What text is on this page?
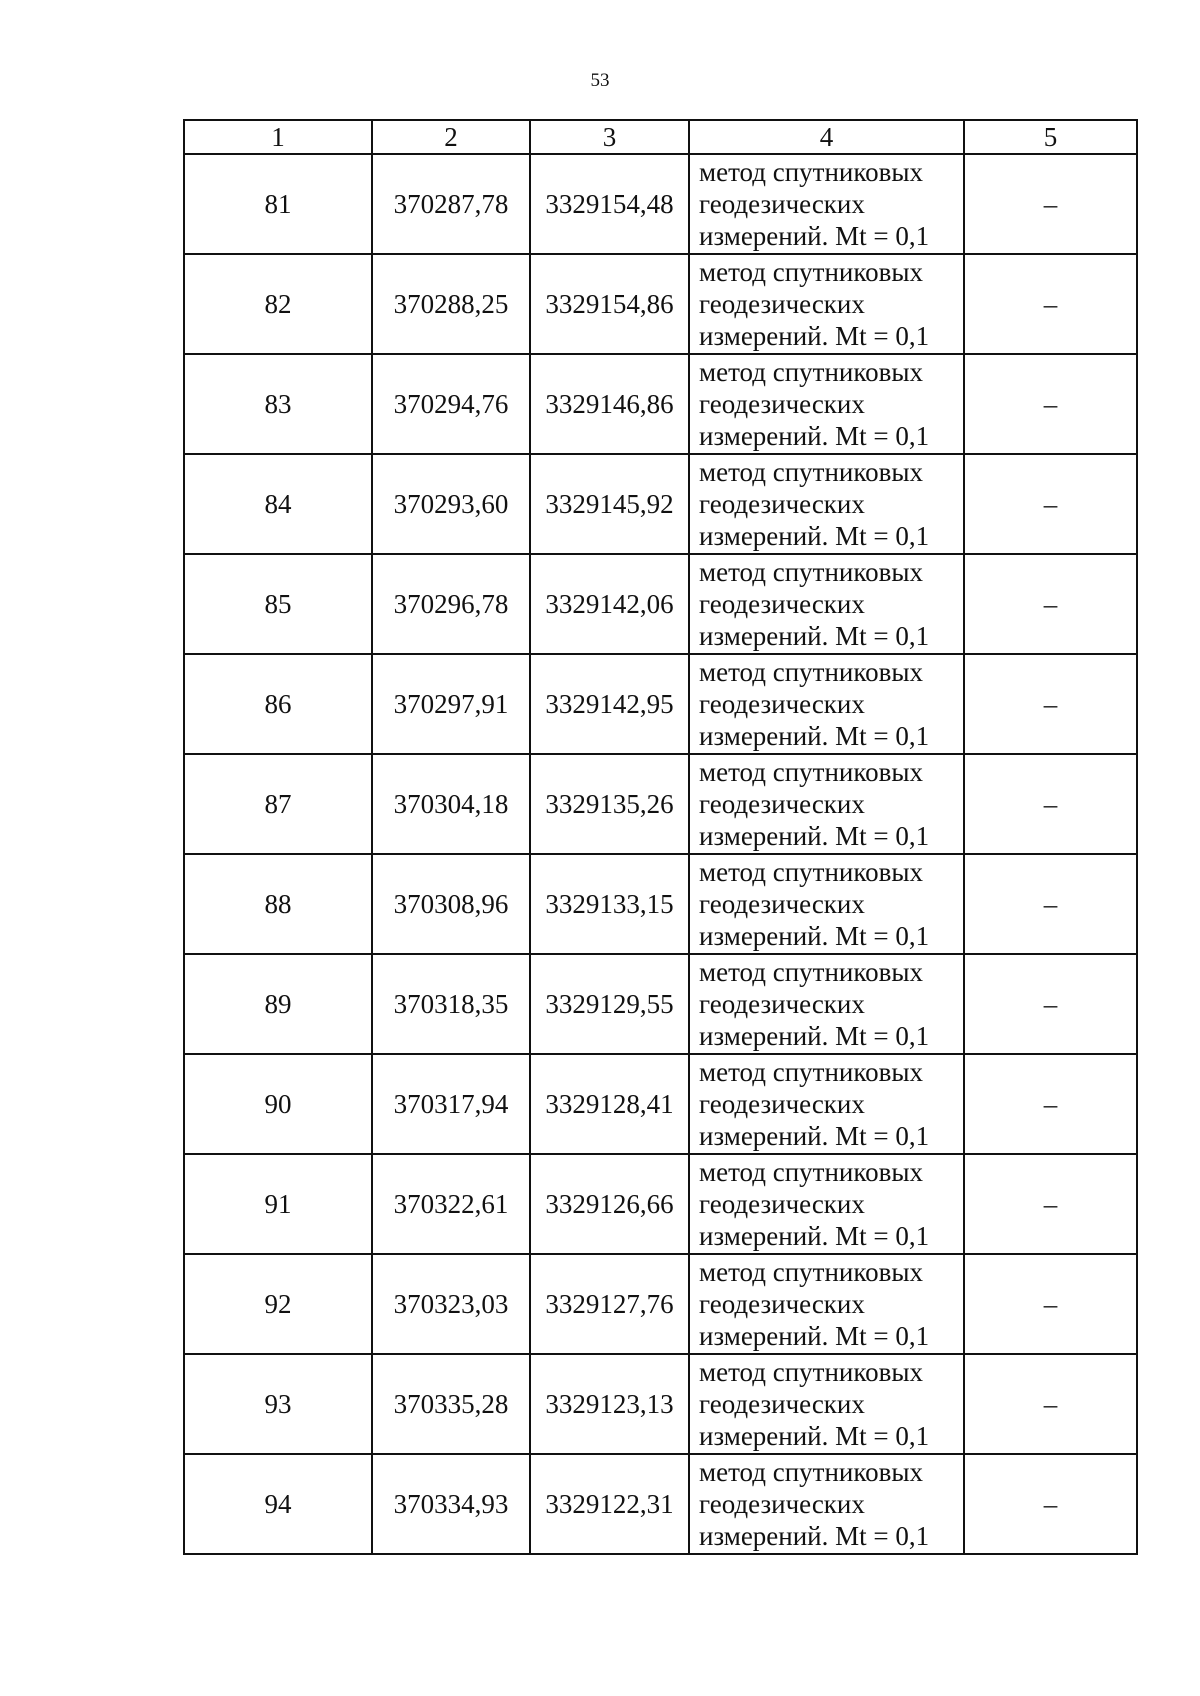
53
1	2	3	4	5
81	370287,78	3329154,48	метод спутниковых
геодезических
измерений. Mt = 0,1	–
82	370288,25	3329154,86	метод спутниковых
геодезических
измерений. Mt = 0,1	–
83	370294,76	3329146,86	метод спутниковых
геодезических
измерений. Mt = 0,1	–
84	370293,60	3329145,92	метод спутниковых
геодезических
измерений. Mt = 0,1	–
85	370296,78	3329142,06	метод спутниковых
геодезических
измерений. Mt = 0,1	–
86	370297,91	3329142,95	метод спутниковых
геодезических
измерений. Mt = 0,1	–
87	370304,18	3329135,26	метод спутниковых
геодезических
измерений. Mt = 0,1	–
88	370308,96	3329133,15	метод спутниковых
геодезических
измерений. Mt = 0,1	–
89	370318,35	3329129,55	метод спутниковых
геодезических
измерений. Mt = 0,1	–
90	370317,94	3329128,41	метод спутниковых
геодезических
измерений. Mt = 0,1	–
91	370322,61	3329126,66	метод спутниковых
геодезических
измерений. Mt = 0,1	–
92	370323,03	3329127,76	метод спутниковых
геодезических
измерений. Mt = 0,1	–
93	370335,28	3329123,13	метод спутниковых
геодезических
измерений. Mt = 0,1	–
94	370334,93	3329122,31	метод спутниковых
геодезических
измерений. Mt = 0,1	–
